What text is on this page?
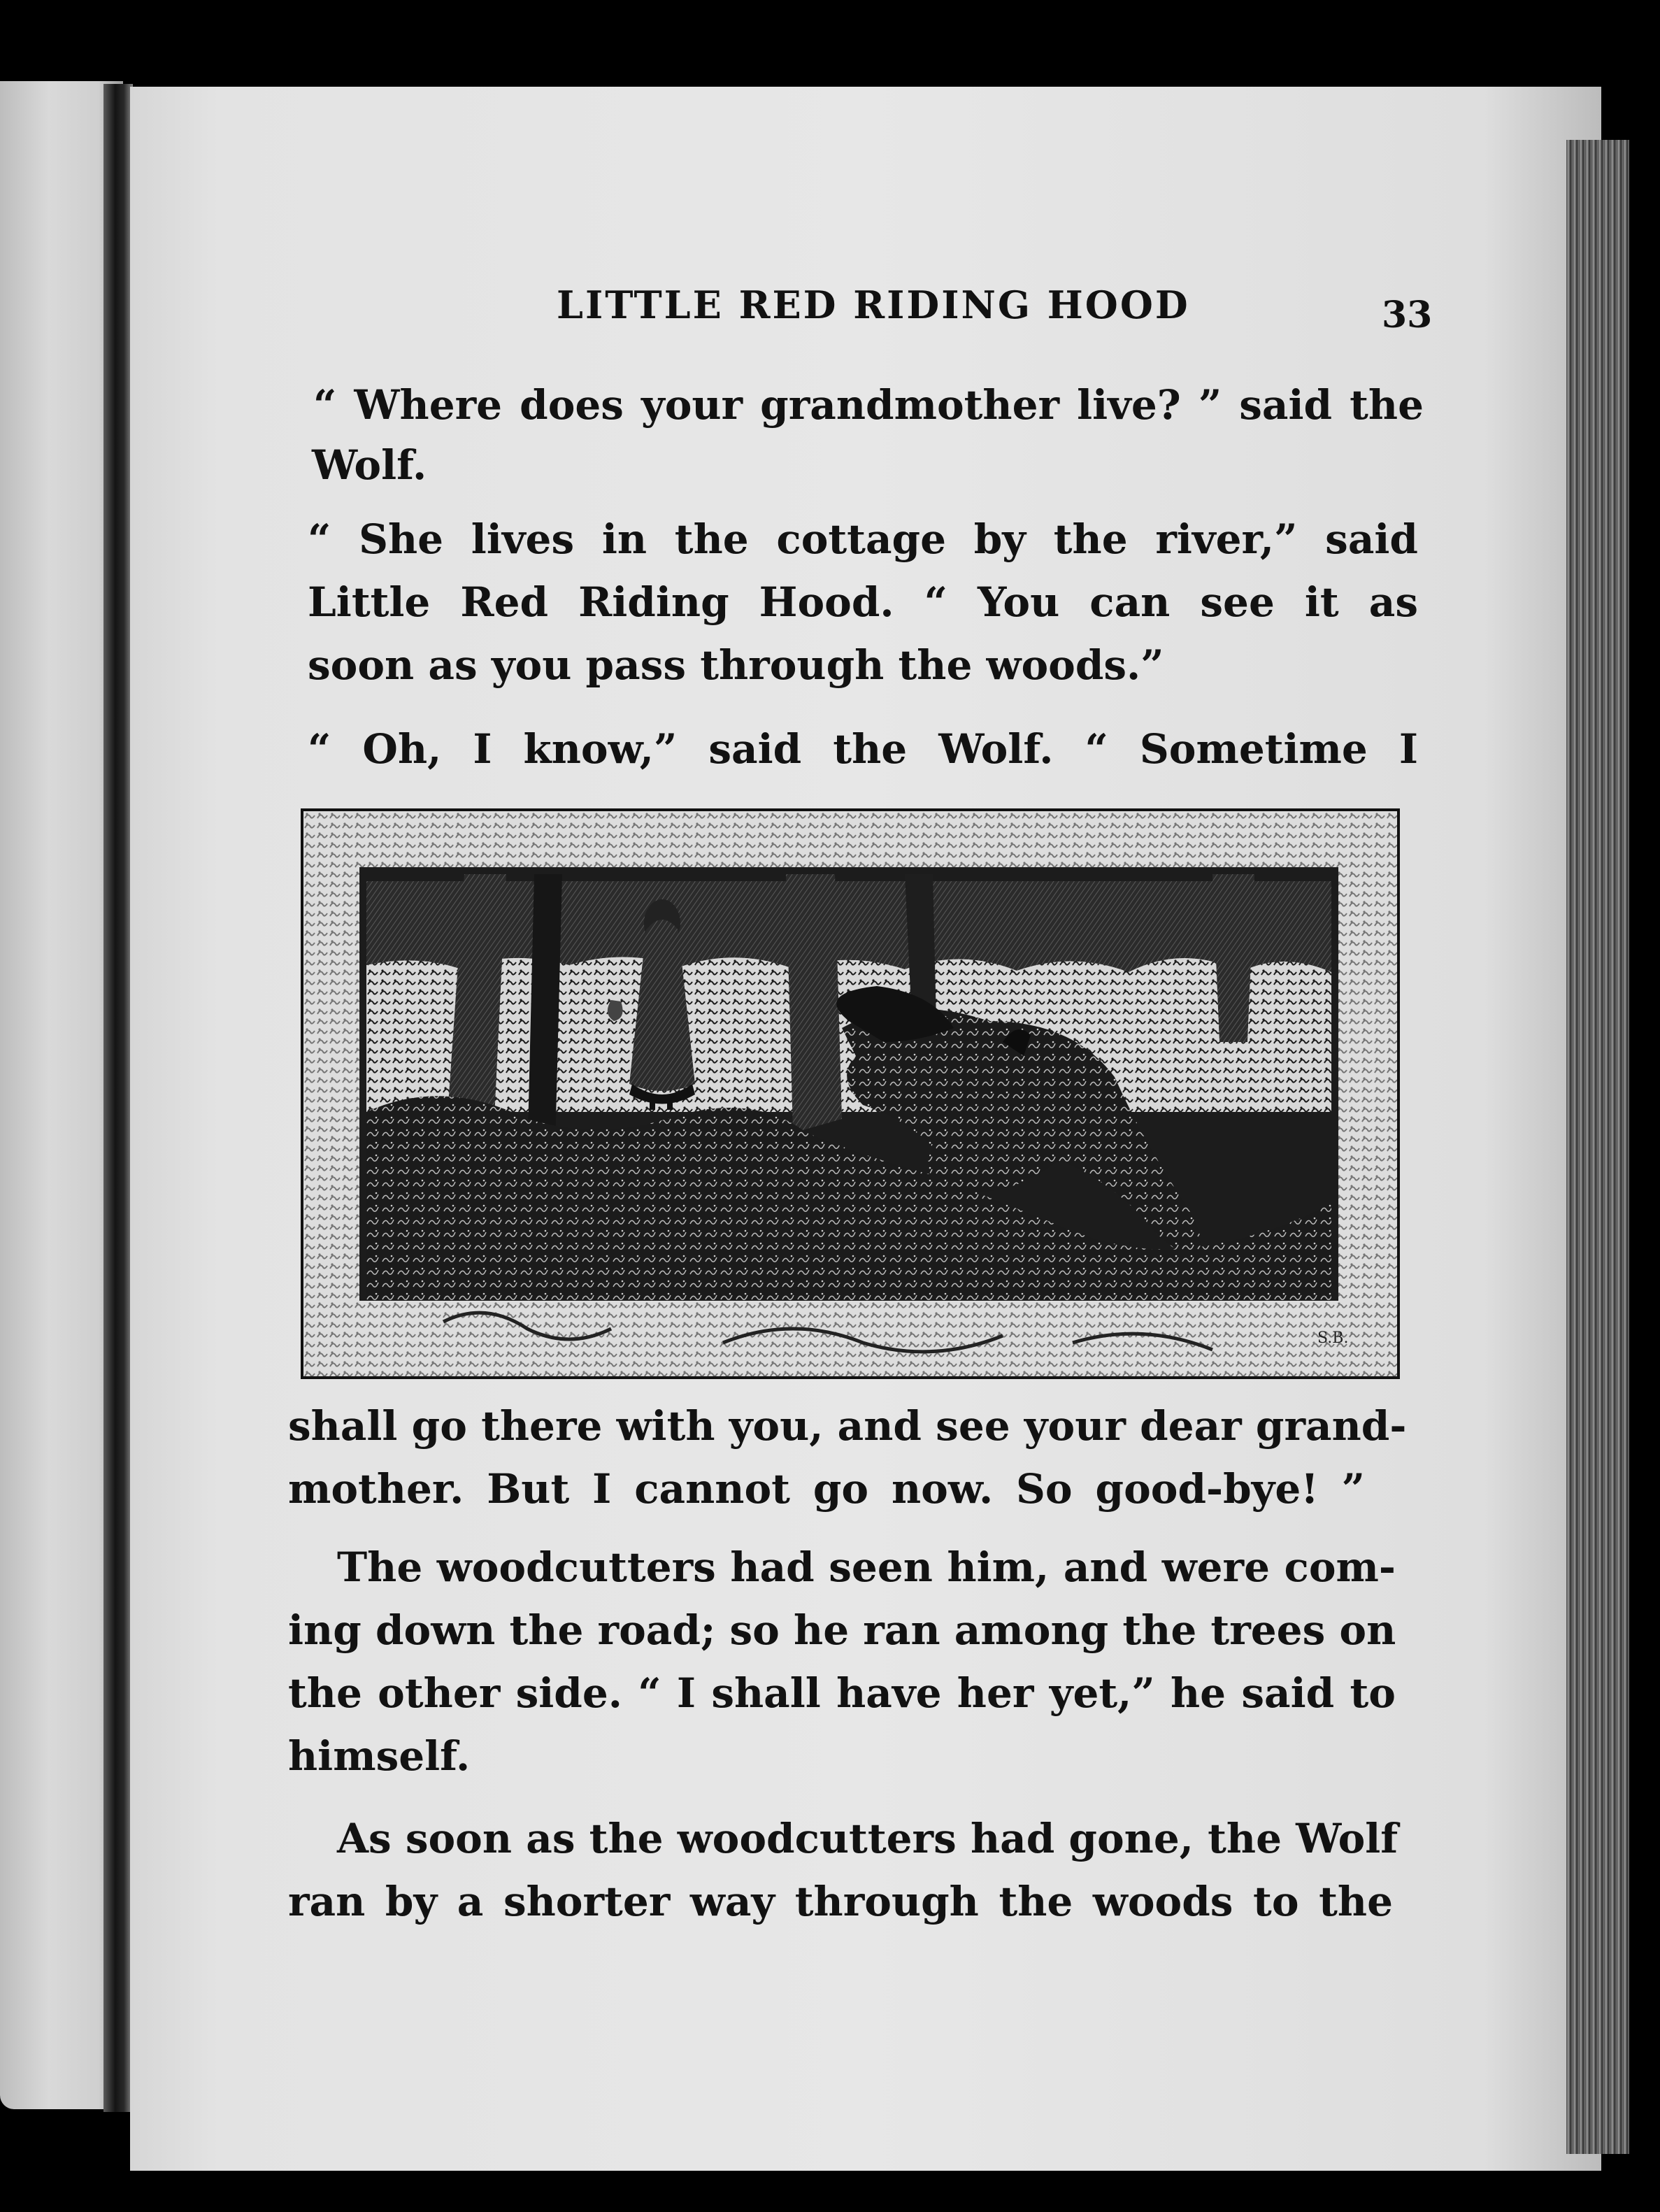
LITTLE RED RIDING HOOD	33

“ Where does your grandmother live? ” said the
Wolf.

“ She lives in the cottage by the river,” said
Little Red Riding Hood. “ You can see it as
soon as you pass through the woods.”

“ Oh, I know,” said the Wolf. “ Sometime I

S.B.

shall go there with you, and see your dear grand-
mother. But I cannot go now. So good-bye! ”

The woodcutters had seen him, and were com-
ing down the road; so he ran among the trees on
the other side. “ I shall have her yet,” he said to
himself.

As soon as the woodcutters had gone, the Wolf
ran by a shorter way through the woods to the
